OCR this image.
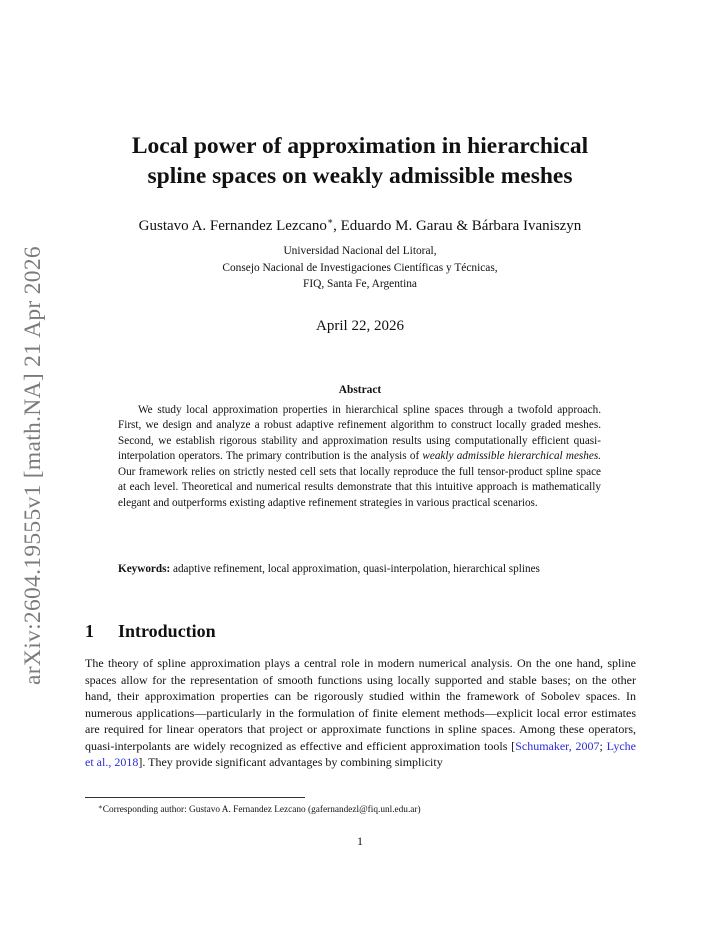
arXiv:2604.19555v1 [math.NA] 21 Apr 2026
Local power of approximation in hierarchical
spline spaces on weakly admissible meshes
Gustavo A. Fernandez Lezcano∗, Eduardo M. Garau & Bárbara Ivaniszyn
Universidad Nacional del Litoral,
Consejo Nacional de Investigaciones Científicas y Técnicas,
FIQ, Santa Fe, Argentina
April 22, 2026
Abstract

We study local approximation properties in hierarchical spline spaces through a twofold approach. First, we design and analyze a robust adaptive refinement algorithm to construct locally graded meshes. Second, we establish rigorous stability and approximation results using computationally efficient quasi-interpolation operators. The primary contribution is the analysis of weakly admissible hierarchical meshes. Our framework relies on strictly nested cell sets that locally reproduce the full tensor-product spline space at each level. Theoretical and numerical results demonstrate that this intuitive approach is mathematically elegant and outperforms existing adaptive refinement strategies in various practical scenarios.

Keywords: adaptive refinement, local approximation, quasi-interpolation, hierarchical splines

1 Introduction

The theory of spline approximation plays a central role in modern numerical analysis. On the one hand, spline spaces allow for the representation of smooth functions using locally supported and stable bases; on the other hand, their approximation properties can be rigorously studied within the framework of Sobolev spaces. In numerous applications—particularly in the formulation of finite element methods—explicit local error estimates are required for linear operators that project or approximate functions in spline spaces. Among these operators, quasi-interpolants are widely recognized as effective and efficient approximation tools [Schumaker, 2007; Lyche et al., 2018]. They provide significant advantages by combining simplicity

∗Corresponding author: Gustavo A. Fernandez Lezcano (gafernandezl@fiq.unl.edu.ar)
1
